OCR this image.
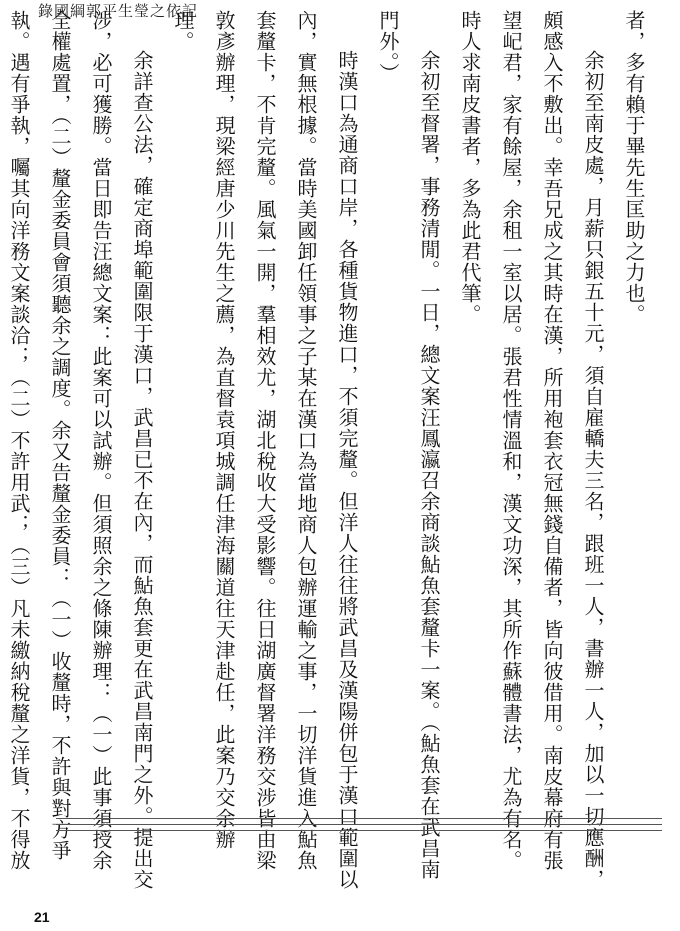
錄國綱郭平生瑩之依記	者，多有賴于畢先生匡助之力也。

余初至南皮處，月薪只銀五十元，須自雇轎夫三名，跟班一人，書辦一人，加以一切應酬，頗感入不敷出。幸吾兄成之其時在漢，所用袍套衣冠無錢自備者，皆向彼借用。南皮幕府有張望屺君，家有餘屋，余租一室以居。張君性情溫和，漢文功深，其所作蘇體書法，尤為有名。時人求南皮書者，多為此君代筆。

余初至督署，事務清閒。一日，總文案汪鳳瀛召余商談鮎魚套釐卡一案。（鮎魚套在武昌南門外。）

時漢口為通商口岸，各種貨物進口，不須完釐。但洋人往往將武昌及漢陽併包于漢口範圍以內，實無根據。當時美國卸任領事之子某在漢口為當地商人包辦運輸之事，一切洋貨進入鮎魚套釐卡，不肯完釐。風氣一開，羣相效尤，湖北稅收大受影響。往日湖廣督署洋務交涉皆由梁敦彥辦理，現梁經唐少川先生之薦，為直督袁項城調任津海關道往天津赴任，此案乃交余辦理。

余詳查公法，確定商埠範圍限于漢口，武昌已不在內，而鮎魚套更在武昌南門之外。提出交涉，必可獲勝。當日即告汪總文案：此案可以試辦。但須照余之條陳辦理：（一）此事須授余全權處置，（二）釐金委員會須聽余之調度。余又告釐金委員：（一）收釐時，不許與對方爭執。遇有爭執，囑其向洋務文案談洽；（二）不許用武；（三）凡未繳納稅釐之洋貨，不得放

21
